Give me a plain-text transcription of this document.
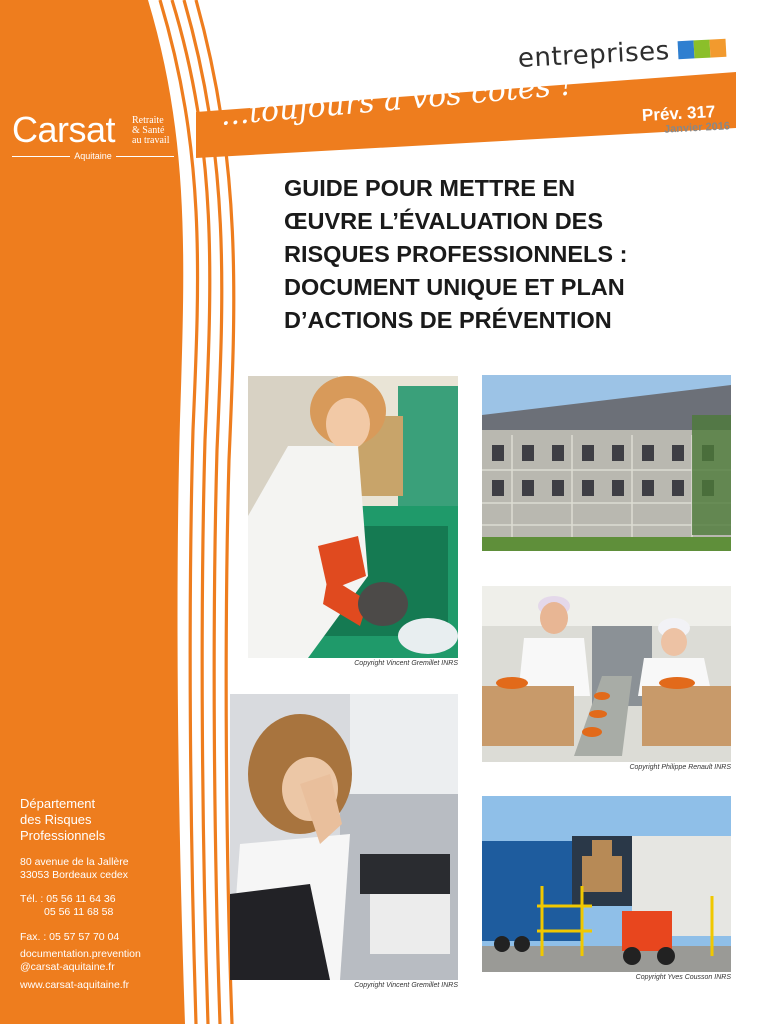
Carsat Retraite
& Santé
au travail
Aquitaine
entreprises
...toujours à vos côtés !	Prév. 317
Janvier 2016
GUIDE POUR METTRE EN
ŒUVRE L’ÉVALUATION DES
RISQUES PROFESSIONNELS :
DOCUMENT UNIQUE ET PLAN
D’ACTIONS DE PRÉVENTION
Copyright Vincent Gremillet INRS
Copyright Philippe Renault INRS
Copyright Vincent Gremillet INRS
Copyright Yves Cousson INRS
Département
des Risques
Professionnels
80 avenue de la Jallère
33053 Bordeaux cedex
Tél. : 05 56 11 64 36
05 56 11 68 58
Fax. : 05 57 57 70 04
documentation.prevention
@carsat-aquitaine.fr
www.carsat-aquitaine.fr
